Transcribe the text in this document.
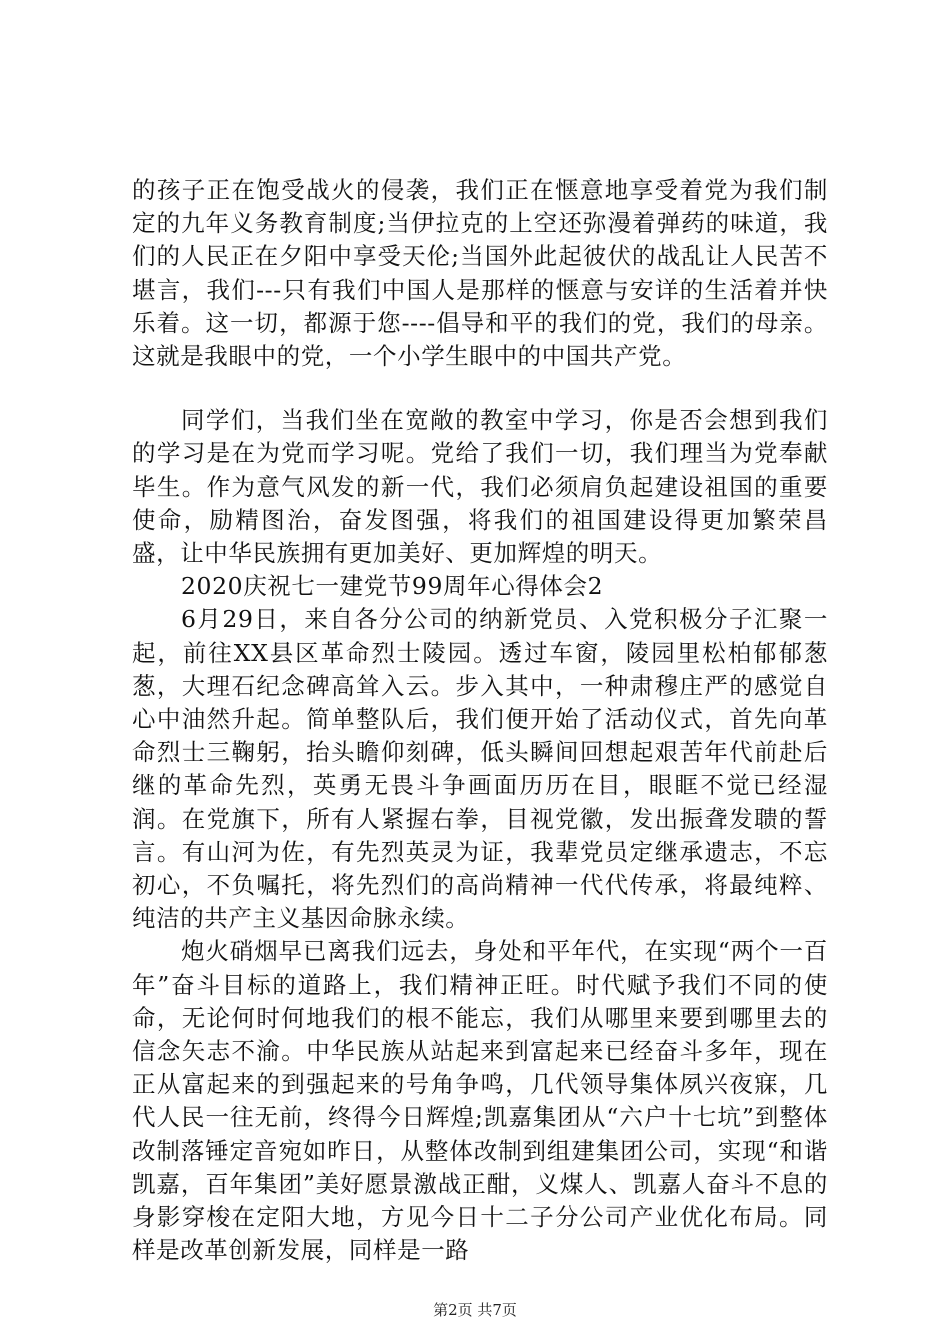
的孩子正在饱受战火的侵袭，我们正在惬意地享受着党为我们制定的九年义务教育制度;当伊拉克的上空还弥漫着弹药的味道，我们的人民正在夕阳中享受天伦;当国外此起彼伏的战乱让人民苦不堪言，我们---只有我们中国人是那样的惬意与安详的生活着并快乐着。这一切，都源于您----倡导和平的我们的党，我们的母亲。这就是我眼中的党，一个小学生眼中的中国共产党。

同学们，当我们坐在宽敞的教室中学习，你是否会想到我们的学习是在为党而学习呢。党给了我们一切，我们理当为党奉献毕生。作为意气风发的新一代，我们必须肩负起建设祖国的重要使命，励精图治，奋发图强，将我们的祖国建设得更加繁荣昌盛，让中华民族拥有更加美好、更加辉煌的明天。

2020庆祝七一建党节99周年心得体会2

6月29日，来自各分公司的纳新党员、入党积极分子汇聚一起，前往XX县区革命烈士陵园。透过车窗，陵园里松柏郁郁葱葱，大理石纪念碑高耸入云。步入其中，一种肃穆庄严的感觉自心中油然升起。简单整队后，我们便开始了活动仪式，首先向革命烈士三鞠躬，抬头瞻仰刻碑，低头瞬间回想起艰苦年代前赴后继的革命先烈，英勇无畏斗争画面历历在目，眼眶不觉已经湿润。在党旗下，所有人紧握右拳，目视党徽，发出振聋发聩的誓言。有山河为佐，有先烈英灵为证，我辈党员定继承遗志，不忘初心，不负嘱托，将先烈们的高尚精神一代代传承，将最纯粹、纯洁的共产主义基因命脉永续。

炮火硝烟早已离我们远去，身处和平年代，在实现“两个一百年”奋斗目标的道路上，我们精神正旺。时代赋予我们不同的使命，无论何时何地我们的根不能忘，我们从哪里来要到哪里去的信念矢志不渝。中华民族从站起来到富起来已经奋斗多年，现在正从富起来的到强起来的号角争鸣，几代领导集体夙兴夜寐，几代人民一往无前，终得今日辉煌;凯嘉集团从“六户十七坑”到整体改制落锤定音宛如昨日，从整体改制到组建集团公司，实现“和谐凯嘉，百年集团”美好愿景激战正酣，义煤人、凯嘉人奋斗不息的身影穿梭在定阳大地，方见今日十二子分公司产业优化布局。同样是改革创新发展，同样是一路

第2页 共7页
